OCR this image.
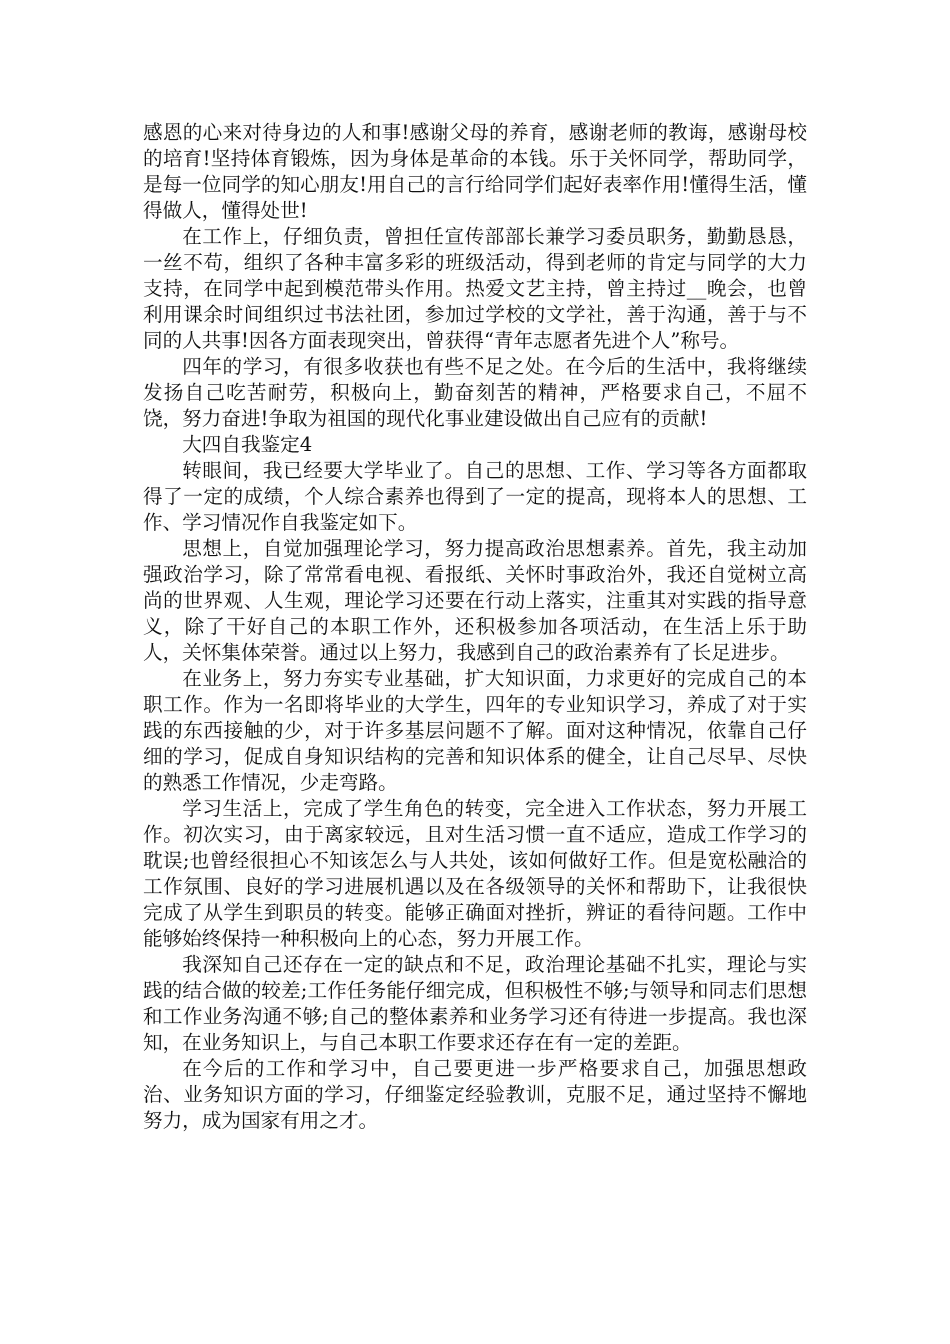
感恩的心来对待身边的人和事!感谢父母的养育，感谢老师的教诲，感谢母校的培育!坚持体育锻炼，因为身体是革命的本钱。乐于关怀同学，帮助同学，是每一位同学的知心朋友!用自己的言行给同学们起好表率作用!懂得生活，懂得做人，懂得处世!

在工作上，仔细负责，曾担任宣传部部长兼学习委员职务，勤勤恳恳，一丝不苟，组织了各种丰富多彩的班级活动，得到老师的肯定与同学的大力支持，在同学中起到模范带头作用。热爱文艺主持，曾主持过__晚会，也曾利用课余时间组织过书法社团，参加过学校的文学社，善于沟通，善于与不同的人共事!因各方面表现突出，曾获得“青年志愿者先进个人”称号。

四年的学习，有很多收获也有些不足之处。在今后的生活中，我将继续发扬自己吃苦耐劳，积极向上，勤奋刻苦的精神，严格要求自己，不屈不饶，努力奋进!争取为祖国的现代化事业建设做出自己应有的贡献!

大四自我鉴定4

转眼间，我已经要大学毕业了。自己的思想、工作、学习等各方面都取得了一定的成绩，个人综合素养也得到了一定的提高，现将本人的思想、工作、学习情况作自我鉴定如下。

思想上，自觉加强理论学习，努力提高政治思想素养。首先，我主动加强政治学习，除了常常看电视、看报纸、关怀时事政治外，我还自觉树立高尚的世界观、人生观，理论学习还要在行动上落实，注重其对实践的指导意义，除了干好自己的本职工作外，还积极参加各项活动，在生活上乐于助人，关怀集体荣誉。通过以上努力，我感到自己的政治素养有了长足进步。

在业务上，努力夯实专业基础，扩大知识面，力求更好的完成自己的本职工作。作为一名即将毕业的大学生，四年的专业知识学习，养成了对于实践的东西接触的少，对于许多基层问题不了解。面对这种情况，依靠自己仔细的学习，促成自身知识结构的完善和知识体系的健全，让自己尽早、尽快的熟悉工作情况，少走弯路。

学习生活上，完成了学生角色的转变，完全进入工作状态，努力开展工作。初次实习，由于离家较远，且对生活习惯一直不适应，造成工作学习的耽误;也曾经很担心不知该怎么与人共处，该如何做好工作。但是宽松融洽的工作氛围、良好的学习进展机遇以及在各级领导的关怀和帮助下，让我很快完成了从学生到职员的转变。能够正确面对挫折，辨证的看待问题。工作中能够始终保持一种积极向上的心态，努力开展工作。

我深知自己还存在一定的缺点和不足，政治理论基础不扎实，理论与实践的结合做的较差;工作任务能仔细完成，但积极性不够;与领导和同志们思想和工作业务沟通不够;自己的整体素养和业务学习还有待进一步提高。我也深知，在业务知识上，与自己本职工作要求还存在有一定的差距。

在今后的工作和学习中，自己要更进一步严格要求自己，加强思想政治、业务知识方面的学习，仔细鉴定经验教训，克服不足，通过坚持不懈地努力，成为国家有用之才。
